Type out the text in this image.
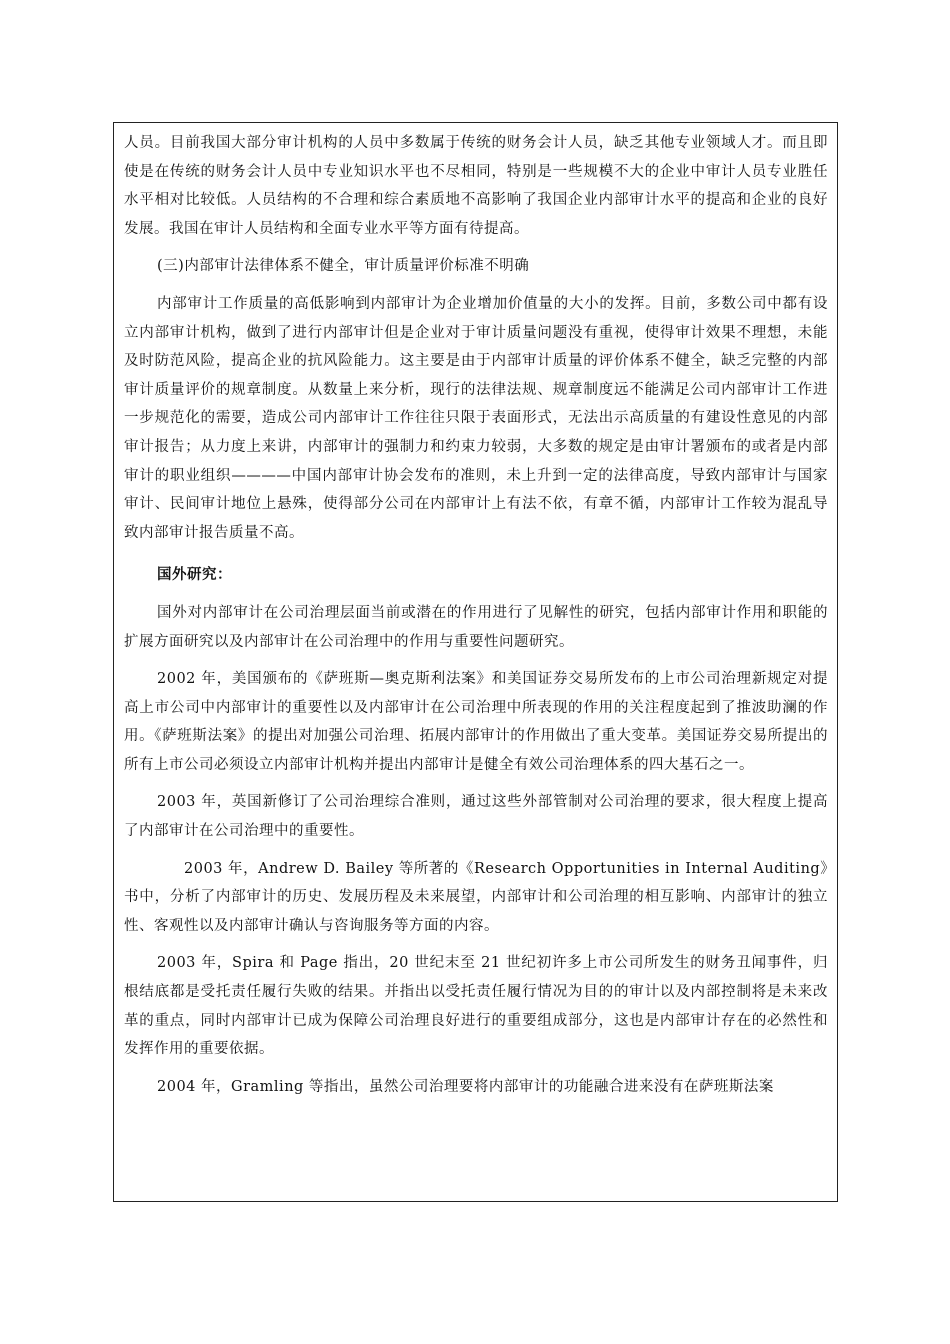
人员。目前我国大部分审计机构的人员中多数属于传统的财务会计人员，缺乏其他专业领域人才。而且即使是在传统的财务会计人员中专业知识水平也不尽相同，特别是一些规模不大的企业中审计人员专业胜任水平相对比较低。人员结构的不合理和综合素质地不高影响了我国企业内部审计水平的提高和企业的良好发展。我国在审计人员结构和全面专业水平等方面有待提高。

(三)内部审计法律体系不健全，审计质量评价标准不明确

内部审计工作质量的高低影响到内部审计为企业增加价值量的大小的发挥。目前，多数公司中都有设立内部审计机构，做到了进行内部审计但是企业对于审计质量问题没有重视，使得审计效果不理想，未能及时防范风险，提高企业的抗风险能力。这主要是由于内部审计质量的评价体系不健全，缺乏完整的内部审计质量评价的规章制度。从数量上来分析，现行的法律法规、规章制度远不能满足公司内部审计工作进一步规范化的需要，造成公司内部审计工作往往只限于表面形式，无法出示高质量的有建设性意见的内部审计报告；从力度上来讲，内部审计的强制力和约束力较弱，大多数的规定是由审计署颁布的或者是内部审计的职业组织————中国内部审计协会发布的准则，未上升到一定的法律高度，导致内部审计与国家审计、民间审计地位上悬殊，使得部分公司在内部审计上有法不依，有章不循，内部审计工作较为混乱导致内部审计报告质量不高。

国外研究：

国外对内部审计在公司治理层面当前或潜在的作用进行了见解性的研究，包括内部审计作用和职能的扩展方面研究以及内部审计在公司治理中的作用与重要性问题研究。

2002 年，美国颁布的《萨班斯—奥克斯利法案》和美国证券交易所发布的上市公司治理新规定对提高上市公司中内部审计的重要性以及内部审计在公司治理中所表现的作用的关注程度起到了推波助澜的作用。《萨班斯法案》的提出对加强公司治理、拓展内部审计的作用做出了重大变革。美国证券交易所提出的所有上市公司必须设立内部审计机构并提出内部审计是健全有效公司治理体系的四大基石之一。

2003 年，英国新修订了公司治理综合准则，通过这些外部管制对公司治理的要求，很大程度上提高了内部审计在公司治理中的重要性。

2003 年，Andrew D. Bailey 等所著的《Research Opportunities in Internal Auditing》书中，分析了内部审计的历史、发展历程及未来展望，内部审计和公司治理的相互影响、内部审计的独立性、客观性以及内部审计确认与咨询服务等方面的内容。

2003 年，Spira 和 Page 指出，20 世纪末至 21 世纪初许多上市公司所发生的财务丑闻事件，归根结底都是受托责任履行失败的结果。并指出以受托责任履行情况为目的的审计以及内部控制将是未来改革的重点，同时内部审计已成为保障公司治理良好进行的重要组成部分，这也是内部审计存在的必然性和发挥作用的重要依据。

2004 年，Gramling 等指出，虽然公司治理要将内部审计的功能融合进来没有在萨班斯法案
